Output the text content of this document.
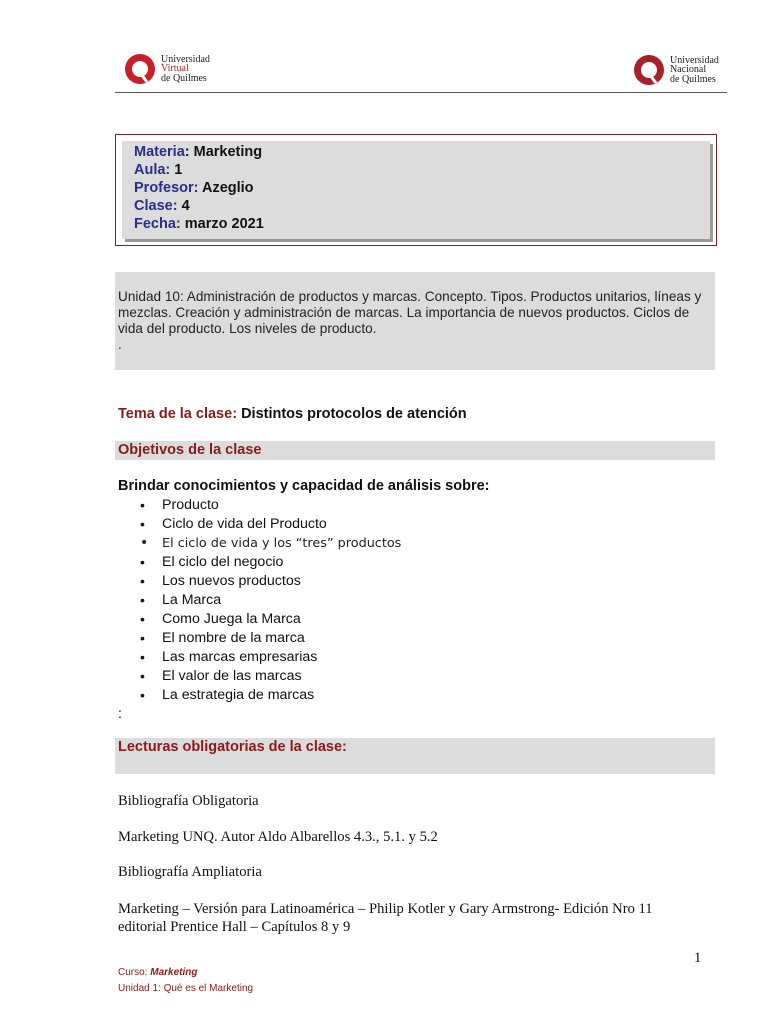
Universidad
Virtual
de Quilmes
Universidad
Nacional
de Quilmes
Materia: Marketing
Aula: 1
Profesor: Azeglio
Clase: 4
Fecha: marzo 2021
Unidad 10: Administración de productos y marcas. Concepto. Tipos. Productos unitarios, líneas y mezclas. Creación y administración de marcas. La importancia de nuevos productos. Ciclos de vida del producto. Los niveles de producto.
.
Tema de la clase: Distintos protocolos de atención
Objetivos de la clase
Brindar conocimientos y capacidad de análisis sobre:
• Producto
• Ciclo de vida del Producto
• El ciclo de vida y los “tres” productos
• El ciclo del negocio
• Los nuevos productos
• La Marca
• Como Juega la Marca
• El nombre de la marca
• Las marcas empresarias
• El valor de las marcas
• La estrategia de marcas
:
Lecturas obligatorias de la clase:
Bibliografía Obligatoria
Marketing UNQ. Autor Aldo Albarellos 4.3., 5.1. y 5.2
Bibliografía Ampliatoria
Marketing – Versión para Latinoamérica – Philip Kotler y Gary Armstrong- Edición Nro 11
editorial Prentice Hall – Capítulos 8 y 9
1
Curso: Marketing
Unidad 1: Qué es el Marketing
